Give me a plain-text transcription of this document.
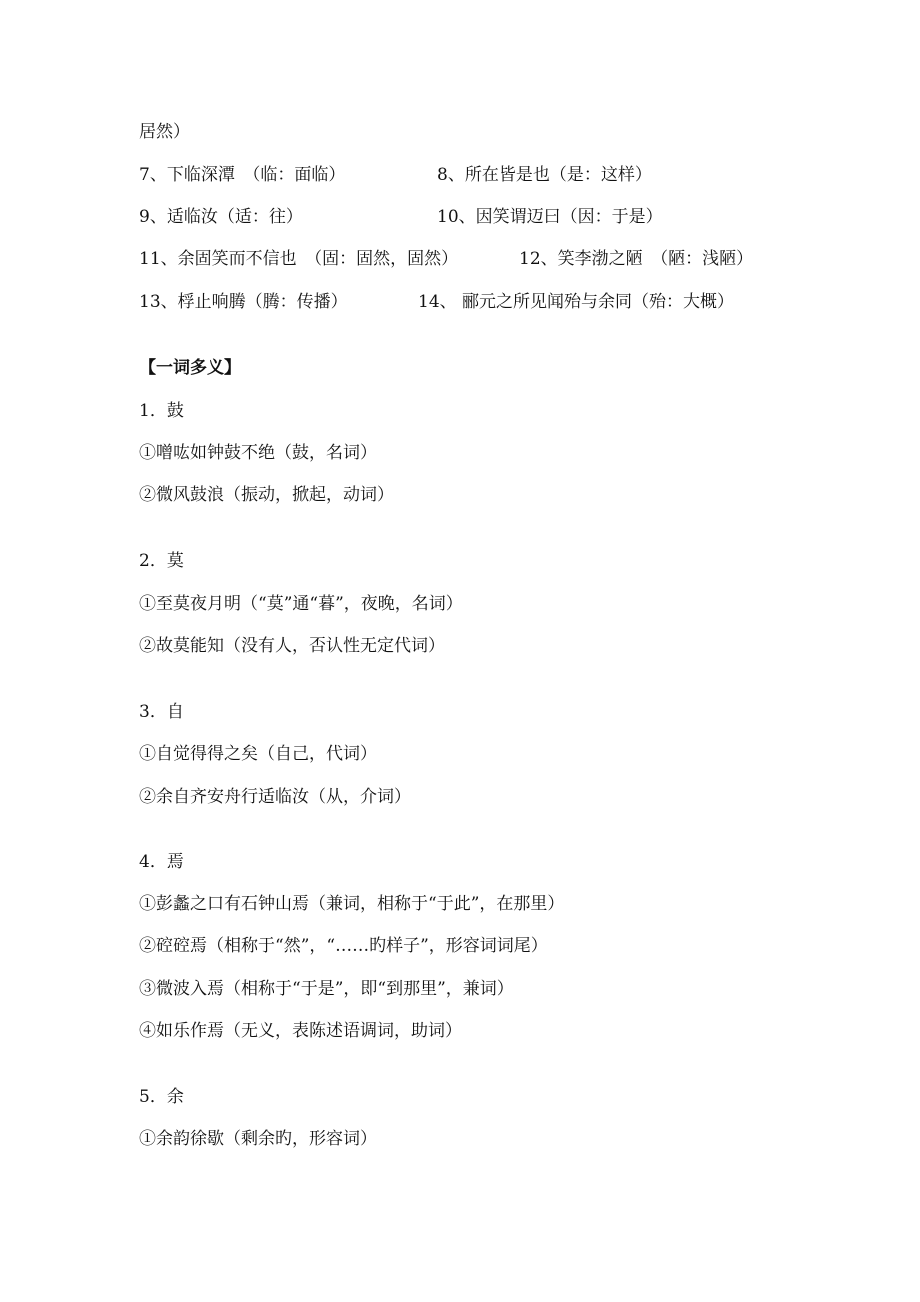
居然）
7、下临深潭　（临：面临）	8、所在皆是也（是：这样）
9、适临汝（适：往）	10、因笑谓迈曰（因：于是）
11、余固笑而不信也　（固：固然，固然）	12、笑李渤之陋　（陋：浅陋）
13、桴止响腾（腾：传播）	14、 郦元之所见闻殆与余同（殆：大概）
【一词多义】
1．鼓
①噌吰如钟鼓不绝（鼓，名词）
②微风鼓浪（振动，掀起，动词）
2．莫
①至莫夜月明（“莫”通“暮”，夜晚，名词）
②故莫能知（没有人，否认性无定代词）
3．自
①自觉得得之矣（自己，代词）
②余自齐安舟行适临汝（从，介词）
4．焉
①彭蠡之口有石钟山焉（兼词，相称于“于此”，在那里）
②硿硿焉（相称于“然”，“……旳样子”，形容词词尾）
③微波入焉（相称于“于是”，即“到那里”，兼词）
④如乐作焉（无义，表陈述语调词，助词）
5．余
①余韵徐歇（剩余旳，形容词）
